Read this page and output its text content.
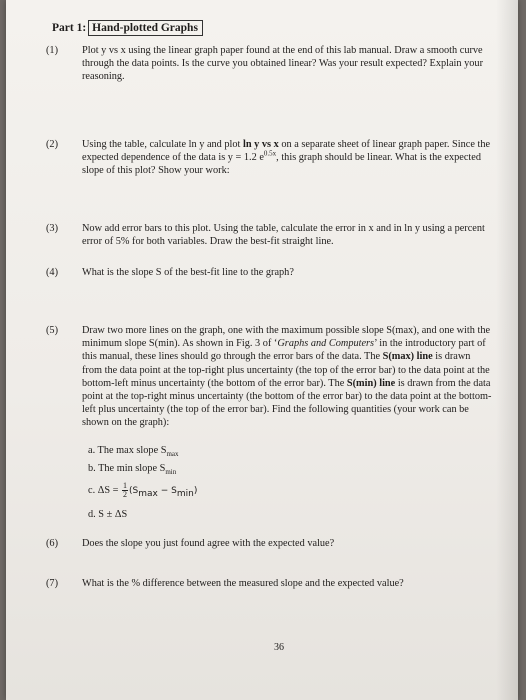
Part 1: Hand-plotted Graphs
(1) Plot y vs x using the linear graph paper found at the end of this lab manual. Draw a smooth curve through the data points. Is the curve you obtained linear? Was your result expected? Explain your reasoning.

(2) Using the table, calculate ln y and plot ln y vs x on a separate sheet of linear graph paper. Since the expected dependence of the data is y = 1.2 $e^{0.5x}$, this graph should be linear. What is the expected slope of this plot? Show your work:

(3) Now add error bars to this plot. Using the table, calculate the error in x and in ln y using a percent error of 5% for both variables. Draw the best-fit straight line.

(4) What is the slope S of the best-fit line to the graph?

(5) Draw two more lines on the graph, one with the maximum possible slope S(max), and one with the minimum slope S(min). As shown in Fig. 3 of ‘Graphs and Computers’ in the introductory part of this manual, these lines should go through the error bars of the data. The S(max) line is drawn from the data point at the top-right plus uncertainty (the top of the error bar) to the data point at the bottom-left minus uncertainty (the bottom of the error bar). The S(min) line is drawn from the data point at the top-right minus uncertainty (the bottom of the error bar) to the data point at the bottom-left plus uncertainty (the top of the error bar). Find the following quantities (your work can be shown on the graph):

a. The max slope $S_{max}$
b. The min slope $S_{min}$
c. $\Delta S = \frac{1}{2} (S_{max} - S_{min})$
d. S ± ΔS
(6) Does the slope you just found agree with the expected value?

(7) What is the % difference between the measured slope and the expected value?

36
